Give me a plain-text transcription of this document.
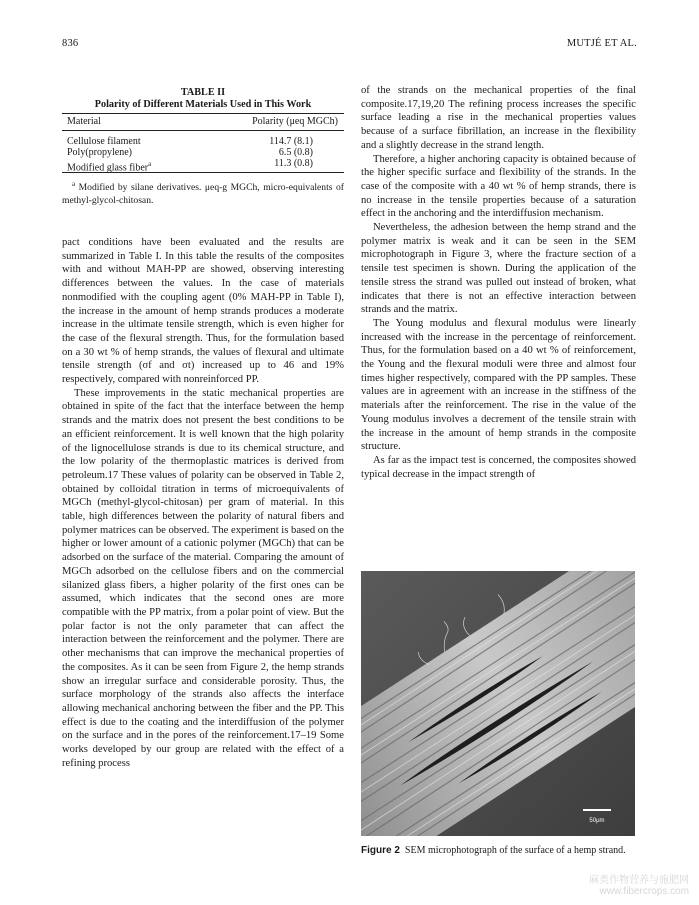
836	MUTJÉ ET AL.
TABLE II
Polarity of Different Materials Used in This Work
Material	Polarity (μeq MGCh)
Cellulose filament	114.7 (8.1)
Poly(propylene)	6.5 (0.8)
Modified glass fiber$^a$	11.3 (0.8)
$^a$ Modified by silane derivatives. μeq-g MGCh, micro-equivalents of methyl-glycol-chitosan.

pact conditions have been evaluated and the results are summarized in Table I. In this table the results of the composites with and without MAH-PP are showed, observing interesting differences between the values. In the case of materials nonmodified with the coupling agent (0% MAH-PP in Table I), the increase in the amount of hemp strands produces a moderate increase in the ultimate tensile strength, which is even higher for the case of the flexural strength. Thus, for the formulation based on a 30 wt % of hemp strands, the values of flexural and ultimate tensile strength (σf and σt) increased up to 46 and 19% respectively, compared with nonreinforced PP.

These improvements in the static mechanical properties are obtained in spite of the fact that the interface between the hemp strands and the matrix does not present the best conditions to be an efficient reinforcement. It is well known that the high polarity of the lignocellulose strands is due to its chemical structure, and the low polarity of the thermoplastic matrices is derived from petroleum.17 These values of polarity can be observed in Table 2, obtained by colloidal titration in terms of microequivalents of MGCh (methyl-glycol-chitosan) per gram of material. In this table, high differences between the polarity of natural fibers and polymer matrices can be observed. The experiment is based on the higher or lower amount of a cationic polymer (MGCh) that can be adsorbed on the surface of the material. Comparing the amount of MGCh adsorbed on the cellulose fibers and on the commercial silanized glass fibers, a higher polarity of the first ones can be assumed, which indicates that the second ones are more compatible with the PP matrix, from a polar point of view. But the polar factor is not the only parameter that can affect the interaction between the reinforcement and the polymer. There are other mechanisms that can improve the mechanical properties of the composites. As it can be seen from Figure 2, the hemp strands show an irregular surface and considerable porosity. Thus, the surface morphology of the strands also affects the interface allowing mechanical anchoring between the fiber and the PP. This effect is due to the coating and the interdiffusion of the polymer on the surface and in the pores of the reinforcement.17–19 Some works developed by our group are related with the effect of a refining process

of the strands on the mechanical properties of the final composite.17,19,20 The refining process increases the specific surface leading a rise in the mechanical properties values because of a surface fibrillation, an increase in the flexibility and a slightly decrease in the strand length.

Therefore, a higher anchoring capacity is obtained because of the higher specific surface and flexibility of the strands. In the case of the composite with a 40 wt % of hemp strands, there is no increase in the tensile properties because of a saturation effect in the anchoring and the interdiffusion mechanism.

Nevertheless, the adhesion between the hemp strand and the polymer matrix is weak and it can be seen in the SEM microphotograph in Figure 3, where the fracture section of a tensile test specimen is shown. During the application of the tensile stress the strand was pulled out instead of broken, what indicates that there is not an effective interaction between strands and the matrix.

The Young modulus and flexural modulus were linearly increased with the increase in the percentage of reinforcement. Thus, for the formulation based on a 40 wt % of reinforcement, the Young and the flexural moduli were three and almost four times higher respectively, compared with the PP samples. These values are in agreement with an increase in the stiffness of the materials after the reinforcement. The rise in the value of the Young modulus involves a decrement of the tensile strain with the increase in the amount of hemp strands in the composite structure.

As far as the impact test is concerned, the composites showed typical decrease in the impact strength of

50μm
Figure 2 SEM microphotograph of the surface of a hemp strand.
麻类作物营养与施肥网
www.fibercrops.com
